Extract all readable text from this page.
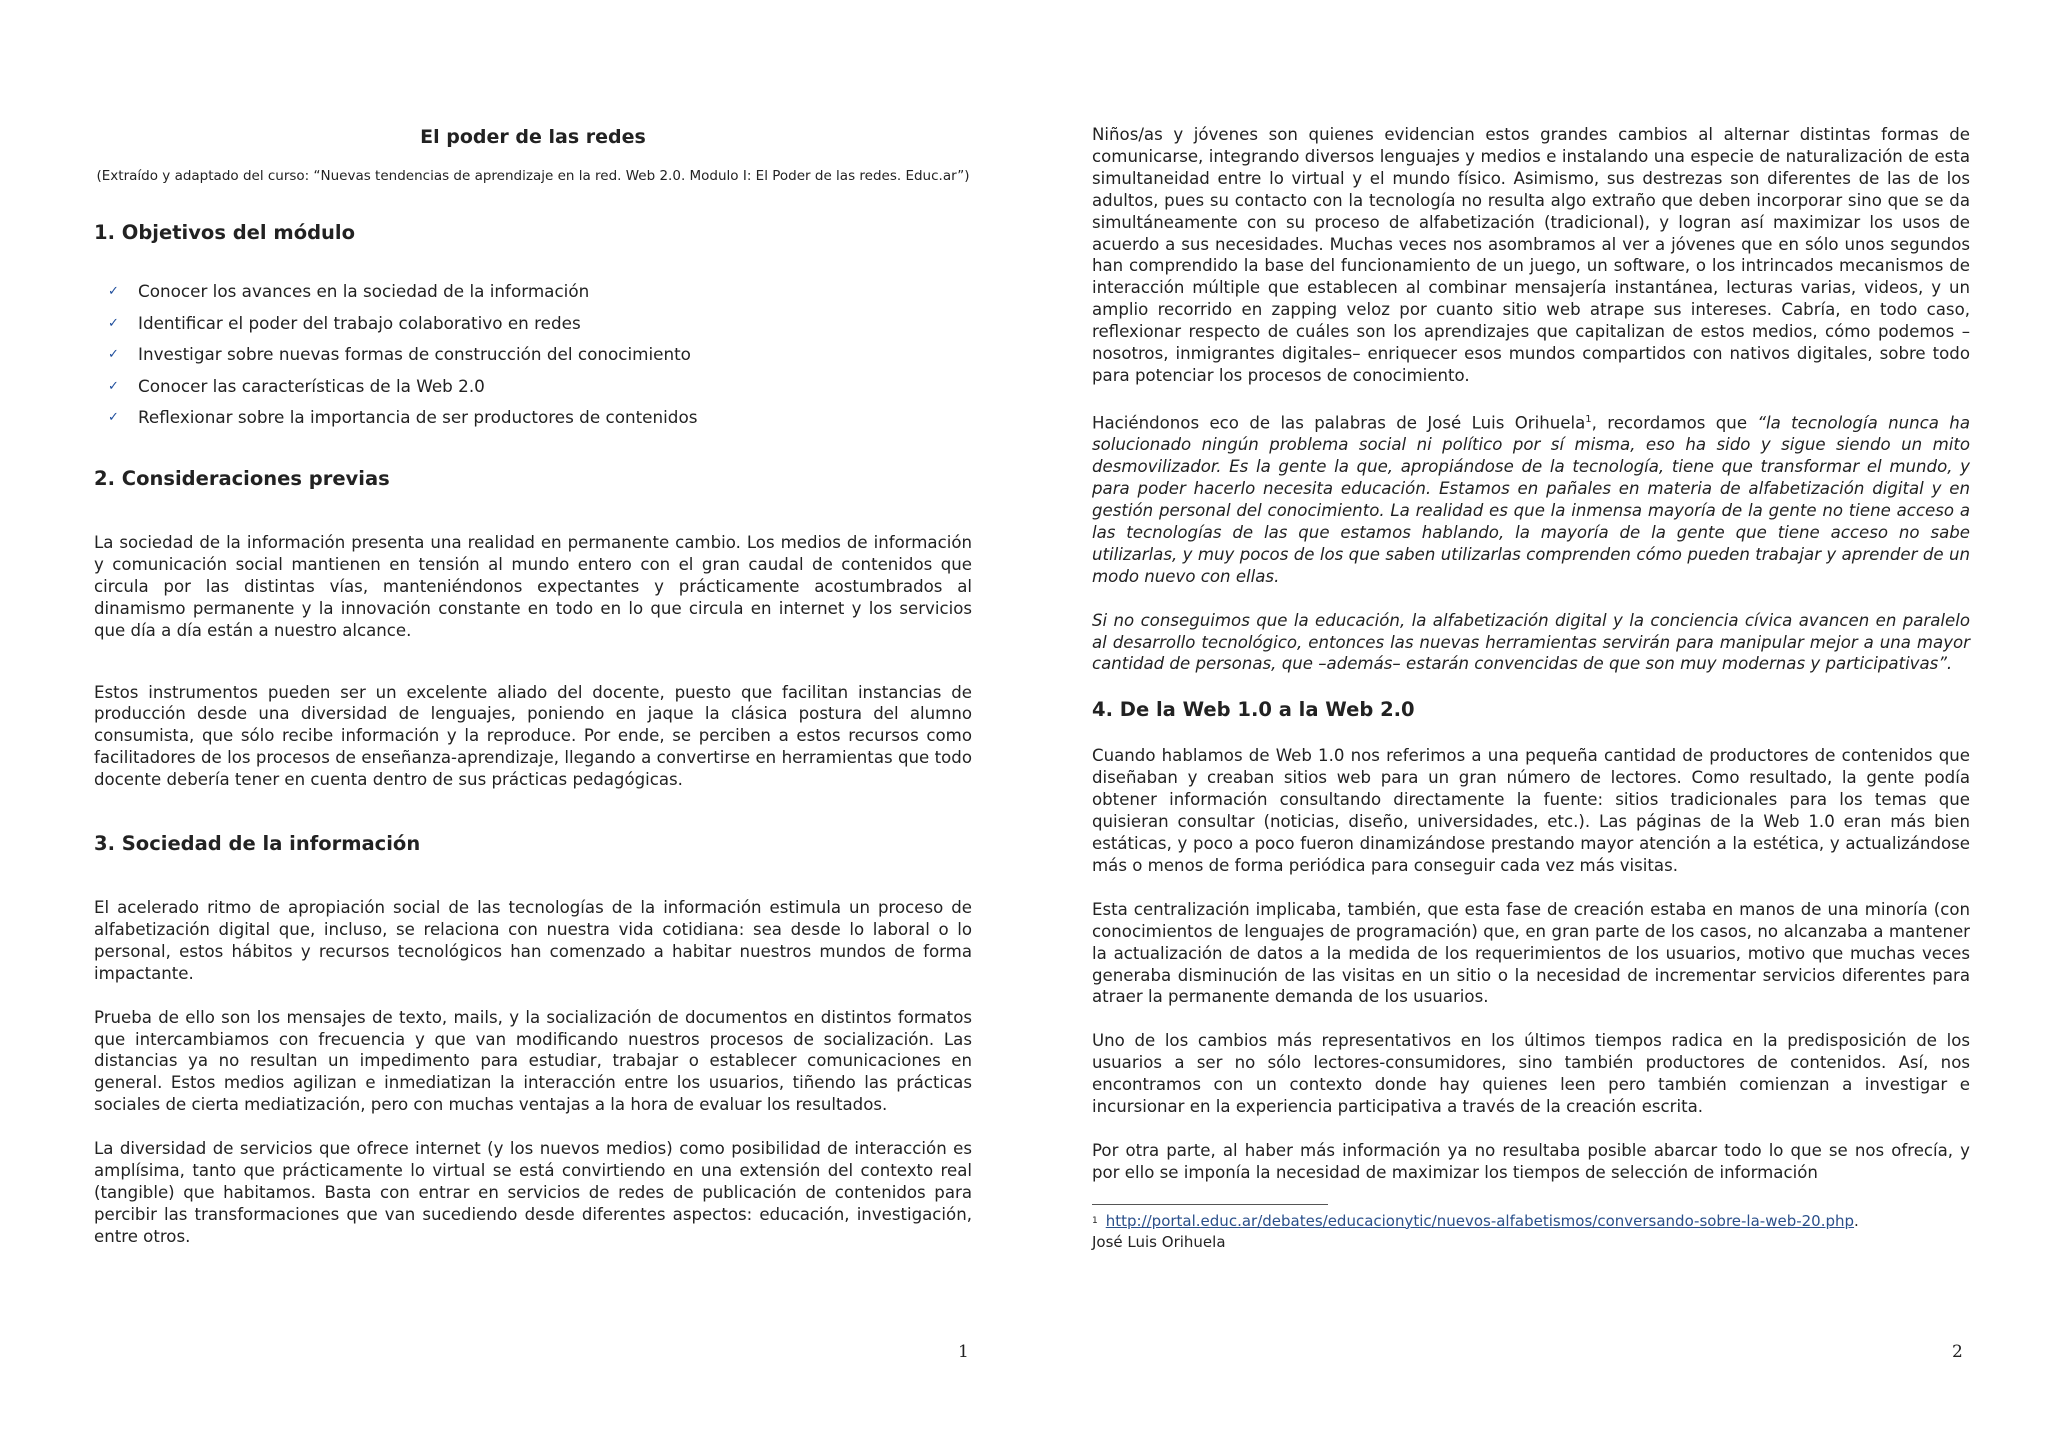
El poder de las redes
(Extraído y adaptado del curso: “Nuevas tendencias de aprendizaje en la red. Web 2.0. Modulo I: El Poder de las redes. Educ.ar”)
1. Objetivos del módulo
✓ Conocer los avances en la sociedad de la información
✓ Identificar el poder del trabajo colaborativo en redes
✓ Investigar sobre nuevas formas de construcción del conocimiento
✓ Conocer las características de la Web 2.0
✓ Reflexionar sobre la importancia de ser productores de contenidos
2. Consideraciones previas

La sociedad de la información presenta una realidad en permanente cambio. Los medios de información y comunicación social mantienen en tensión al mundo entero con el gran caudal de contenidos que circula por las distintas vías, manteniéndonos expectantes y prácticamente acostumbrados al dinamismo permanente y la innovación constante en todo en lo que circula en internet y los servicios que día a día están a nuestro alcance.

Estos instrumentos pueden ser un excelente aliado del docente, puesto que facilitan instancias de producción desde una diversidad de lenguajes, poniendo en jaque la clásica postura del alumno consumista, que sólo recibe información y la reproduce. Por ende, se perciben a estos recursos como facilitadores de los procesos de enseñanza-aprendizaje, llegando a convertirse en herramientas que todo docente debería tener en cuenta dentro de sus prácticas pedagógicas.

3. Sociedad de la información

El acelerado ritmo de apropiación social de las tecnologías de la información estimula un proceso de alfabetización digital que, incluso, se relaciona con nuestra vida cotidiana: sea desde lo laboral o lo personal, estos hábitos y recursos tecnológicos han comenzado a habitar nuestros mundos de forma impactante.

Prueba de ello son los mensajes de texto, mails, y la socialización de documentos en distintos formatos que intercambiamos con frecuencia y que van modificando nuestros procesos de socialización. Las distancias ya no resultan un impedimento para estudiar, trabajar o establecer comunicaciones en general. Estos medios agilizan e inmediatizan la interacción entre los usuarios, tiñendo las prácticas sociales de cierta mediatización, pero con muchas ventajas a la hora de evaluar los resultados.

La diversidad de servicios que ofrece internet (y los nuevos medios) como posibilidad de interacción es amplísima, tanto que prácticamente lo virtual se está convirtiendo en una extensión del contexto real (tangible) que habitamos. Basta con entrar en servicios de redes de publicación de contenidos para percibir las transformaciones que van sucediendo desde diferentes aspectos: educación, investigación, entre otros.

1

Niños/as y jóvenes son quienes evidencian estos grandes cambios al alternar distintas formas de comunicarse, integrando diversos lenguajes y medios e instalando una especie de naturalización de esta simultaneidad entre lo virtual y el mundo físico. Asimismo, sus destrezas son diferentes de las de los adultos, pues su contacto con la tecnología no resulta algo extraño que deben incorporar sino que se da simultáneamente con su proceso de alfabetización (tradicional), y logran así maximizar los usos de acuerdo a sus necesidades. Muchas veces nos asombramos al ver a jóvenes que en sólo unos segundos han comprendido la base del funcionamiento de un juego, un software, o los intrincados mecanismos de interacción múltiple que establecen al combinar mensajería instantánea, lecturas varias, videos, y un amplio recorrido en zapping veloz por cuanto sitio web atrape sus intereses. Cabría, en todo caso, reflexionar respecto de cuáles son los aprendizajes que capitalizan de estos medios, cómo podemos –nosotros, inmigrantes digitales– enriquecer esos mundos compartidos con nativos digitales, sobre todo para potenciar los procesos de conocimiento.

Haciéndonos eco de las palabras de José Luis Orihuela$^1$, recordamos que “la tecnología nunca ha solucionado ningún problema social ni político por sí misma, eso ha sido y sigue siendo un mito desmovilizador. Es la gente la que, apropiándose de la tecnología, tiene que transformar el mundo, y para poder hacerlo necesita educación. Estamos en pañales en materia de alfabetización digital y en gestión personal del conocimiento. La realidad es que la inmensa mayoría de la gente no tiene acceso a las tecnologías de las que estamos hablando, la mayoría de la gente que tiene acceso no sabe utilizarlas, y muy pocos de los que saben utilizarlas comprenden cómo pueden trabajar y aprender de un modo nuevo con ellas.

Si no conseguimos que la educación, la alfabetización digital y la conciencia cívica avancen en paralelo al desarrollo tecnológico, entonces las nuevas herramientas servirán para manipular mejor a una mayor cantidad de personas, que –además– estarán convencidas de que son muy modernas y participativas”.

4. De la Web 1.0 a la Web 2.0

Cuando hablamos de Web 1.0 nos referimos a una pequeña cantidad de productores de contenidos que diseñaban y creaban sitios web para un gran número de lectores. Como resultado, la gente podía obtener información consultando directamente la fuente: sitios tradicionales para los temas que quisieran consultar (noticias, diseño, universidades, etc.). Las páginas de la Web 1.0 eran más bien estáticas, y poco a poco fueron dinamizándose prestando mayor atención a la estética, y actualizándose más o menos de forma periódica para conseguir cada vez más visitas.

Esta centralización implicaba, también, que esta fase de creación estaba en manos de una minoría (con conocimientos de lenguajes de programación) que, en gran parte de los casos, no alcanzaba a mantener la actualización de datos a la medida de los requerimientos de los usuarios, motivo que muchas veces generaba disminución de las visitas en un sitio o la necesidad de incrementar servicios diferentes para atraer la permanente demanda de los usuarios.

Uno de los cambios más representativos en los últimos tiempos radica en la predisposición de los usuarios a ser no sólo lectores-consumidores, sino también productores de contenidos. Así, nos encontramos con un contexto donde hay quienes leen pero también comienzan a investigar e incursionar en la experiencia participativa a través de la creación escrita.

Por otra parte, al haber más información ya no resultaba posible abarcar todo lo que se nos ofrecía, y por ello se imponía la necesidad de maximizar los tiempos de selección de información

$^1$ http://portal.educ.ar/debates/educacionytic/nuevos-alfabetismos/conversando-sobre-la-web-20.php.
José Luis Orihuela
2
